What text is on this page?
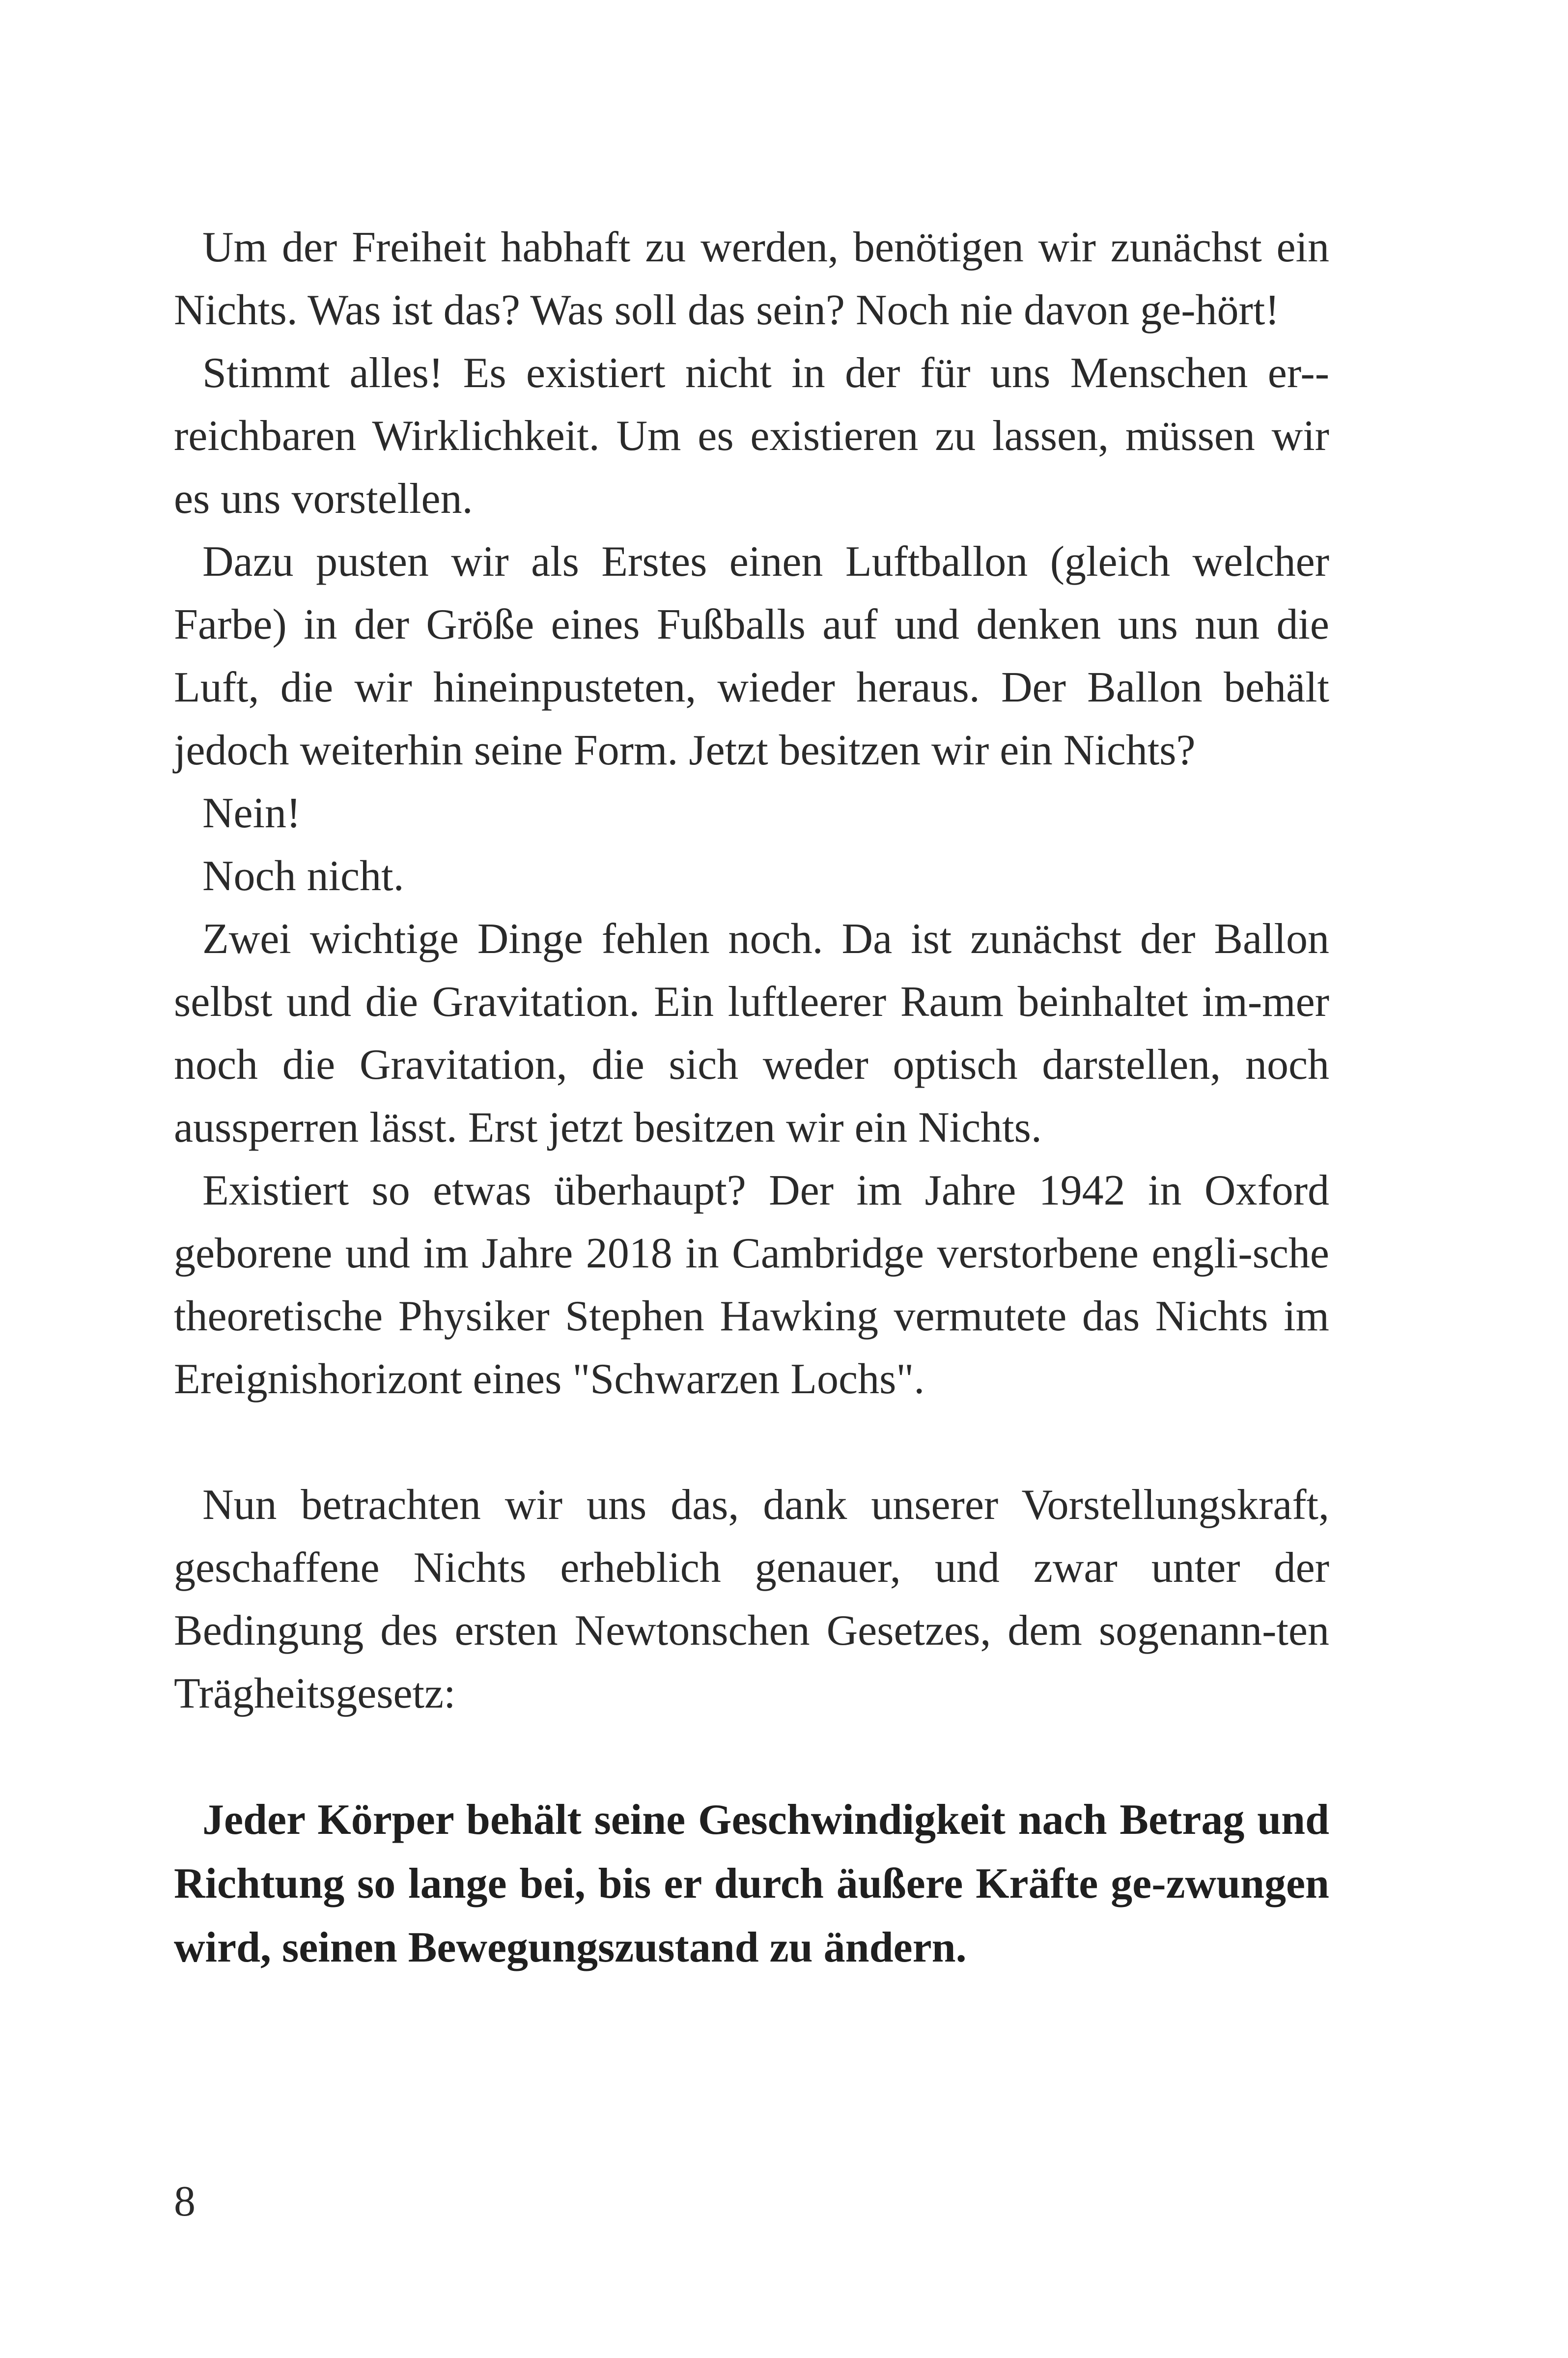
Um der Freiheit habhaft zu werden, benötigen wir zunächst ein Nichts. Was ist das? Was soll das sein? Noch nie davon ge-hört!

Stimmt alles! Es existiert nicht in der für uns Menschen er-reichbaren Wirklichkeit. Um es existieren zu lassen, müssen wir es uns vorstellen.

Dazu pusten wir als Erstes einen Luftballon (gleich welcher Farbe) in der Größe eines Fußballs auf und denken uns nun die Luft, die wir hineinpusteten, wieder heraus. Der Ballon behält jedoch weiterhin seine Form. Jetzt besitzen wir ein Nichts?

Nein!

Noch nicht.

Zwei wichtige Dinge fehlen noch. Da ist zunächst der Ballon selbst und die Gravitation. Ein luftleerer Raum beinhaltet im-mer noch die Gravitation, die sich weder optisch darstellen, noch aussperren lässt. Erst jetzt besitzen wir ein Nichts.

Existiert so etwas überhaupt? Der im Jahre 1942 in Oxford geborene und im Jahre 2018 in Cambridge verstorbene engli-sche theoretische Physiker Stephen Hawking vermutete das Nichts im Ereignishorizont eines "Schwarzen Lochs".

Nun betrachten wir uns das, dank unserer Vorstellungskraft, geschaffene Nichts erheblich genauer, und zwar unter der Bedingung des ersten Newtonschen Gesetzes, dem sogenann-ten Trägheitsgesetz:

Jeder Körper behält seine Geschwindigkeit nach Betrag und Richtung so lange bei, bis er durch äußere Kräfte ge-zwungen wird, seinen Bewegungszustand zu ändern.

8
